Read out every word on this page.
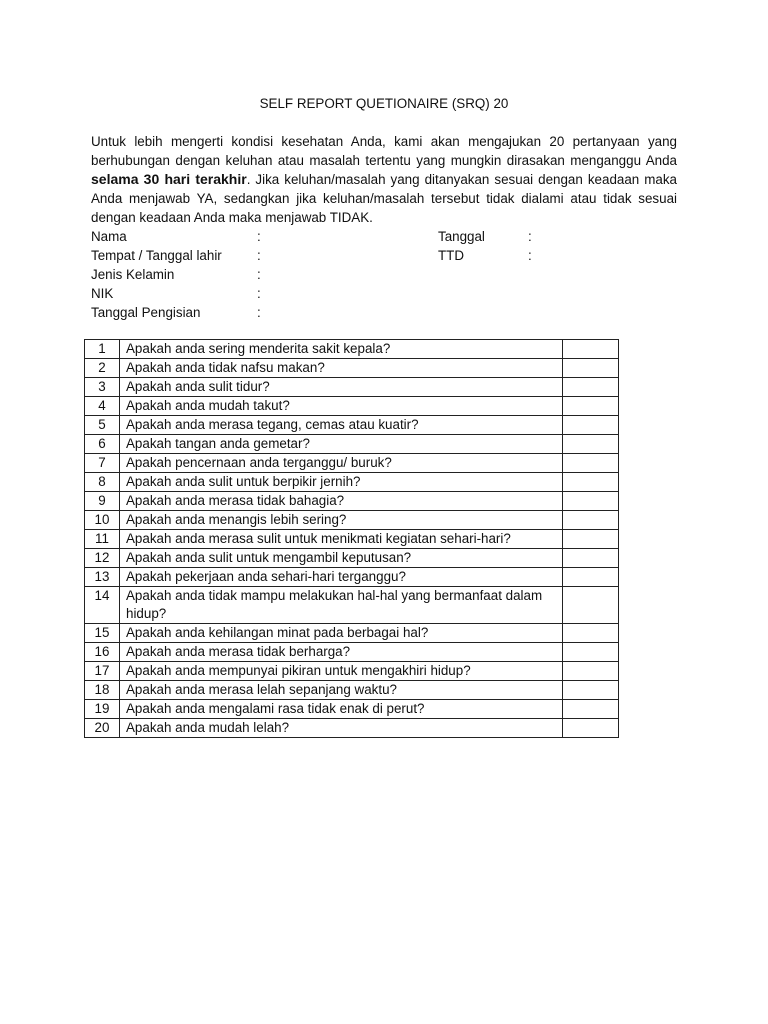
SELF REPORT QUETIONAIRE (SRQ) 20

Untuk lebih mengerti kondisi kesehatan Anda, kami akan mengajukan 20 pertanyaan yang berhubungan dengan keluhan atau masalah tertentu yang mungkin dirasakan menganggu Anda selama 30 hari terakhir. Jika keluhan/masalah yang ditanyakan sesuai dengan keadaan maka Anda menjawab YA, sedangkan jika keluhan/masalah tersebut tidak dialami atau tidak sesuai dengan keadaan Anda maka menjawab TIDAK.

Nama	:	Tanggal	:
Tempat / Tanggal lahir	:	TTD	:
Jenis Kelamin	:
NIK	:
Tanggal Pengisian	:
1	Apakah anda sering menderita sakit kepala?	
2	Apakah anda tidak nafsu makan?	
3	Apakah anda sulit tidur?	
4	Apakah anda mudah takut?	
5	Apakah anda merasa tegang, cemas atau kuatir?	
6	Apakah tangan anda gemetar?	
7	Apakah pencernaan anda terganggu/ buruk?	
8	Apakah anda sulit untuk berpikir jernih?	
9	Apakah anda merasa tidak bahagia?	
10	Apakah anda menangis lebih sering?	
11	Apakah anda merasa sulit untuk menikmati kegiatan sehari-hari?	
12	Apakah anda sulit untuk mengambil keputusan?	
13	Apakah pekerjaan anda sehari-hari terganggu?	
14	Apakah anda tidak mampu melakukan hal-hal yang bermanfaat dalam hidup?	
15	Apakah anda kehilangan minat pada berbagai hal?	
16	Apakah anda merasa tidak berharga?	
17	Apakah anda mempunyai pikiran untuk mengakhiri hidup?	
18	Apakah anda merasa lelah sepanjang waktu?	
19	Apakah anda mengalami rasa tidak enak di perut?	
20	Apakah anda mudah lelah?	
